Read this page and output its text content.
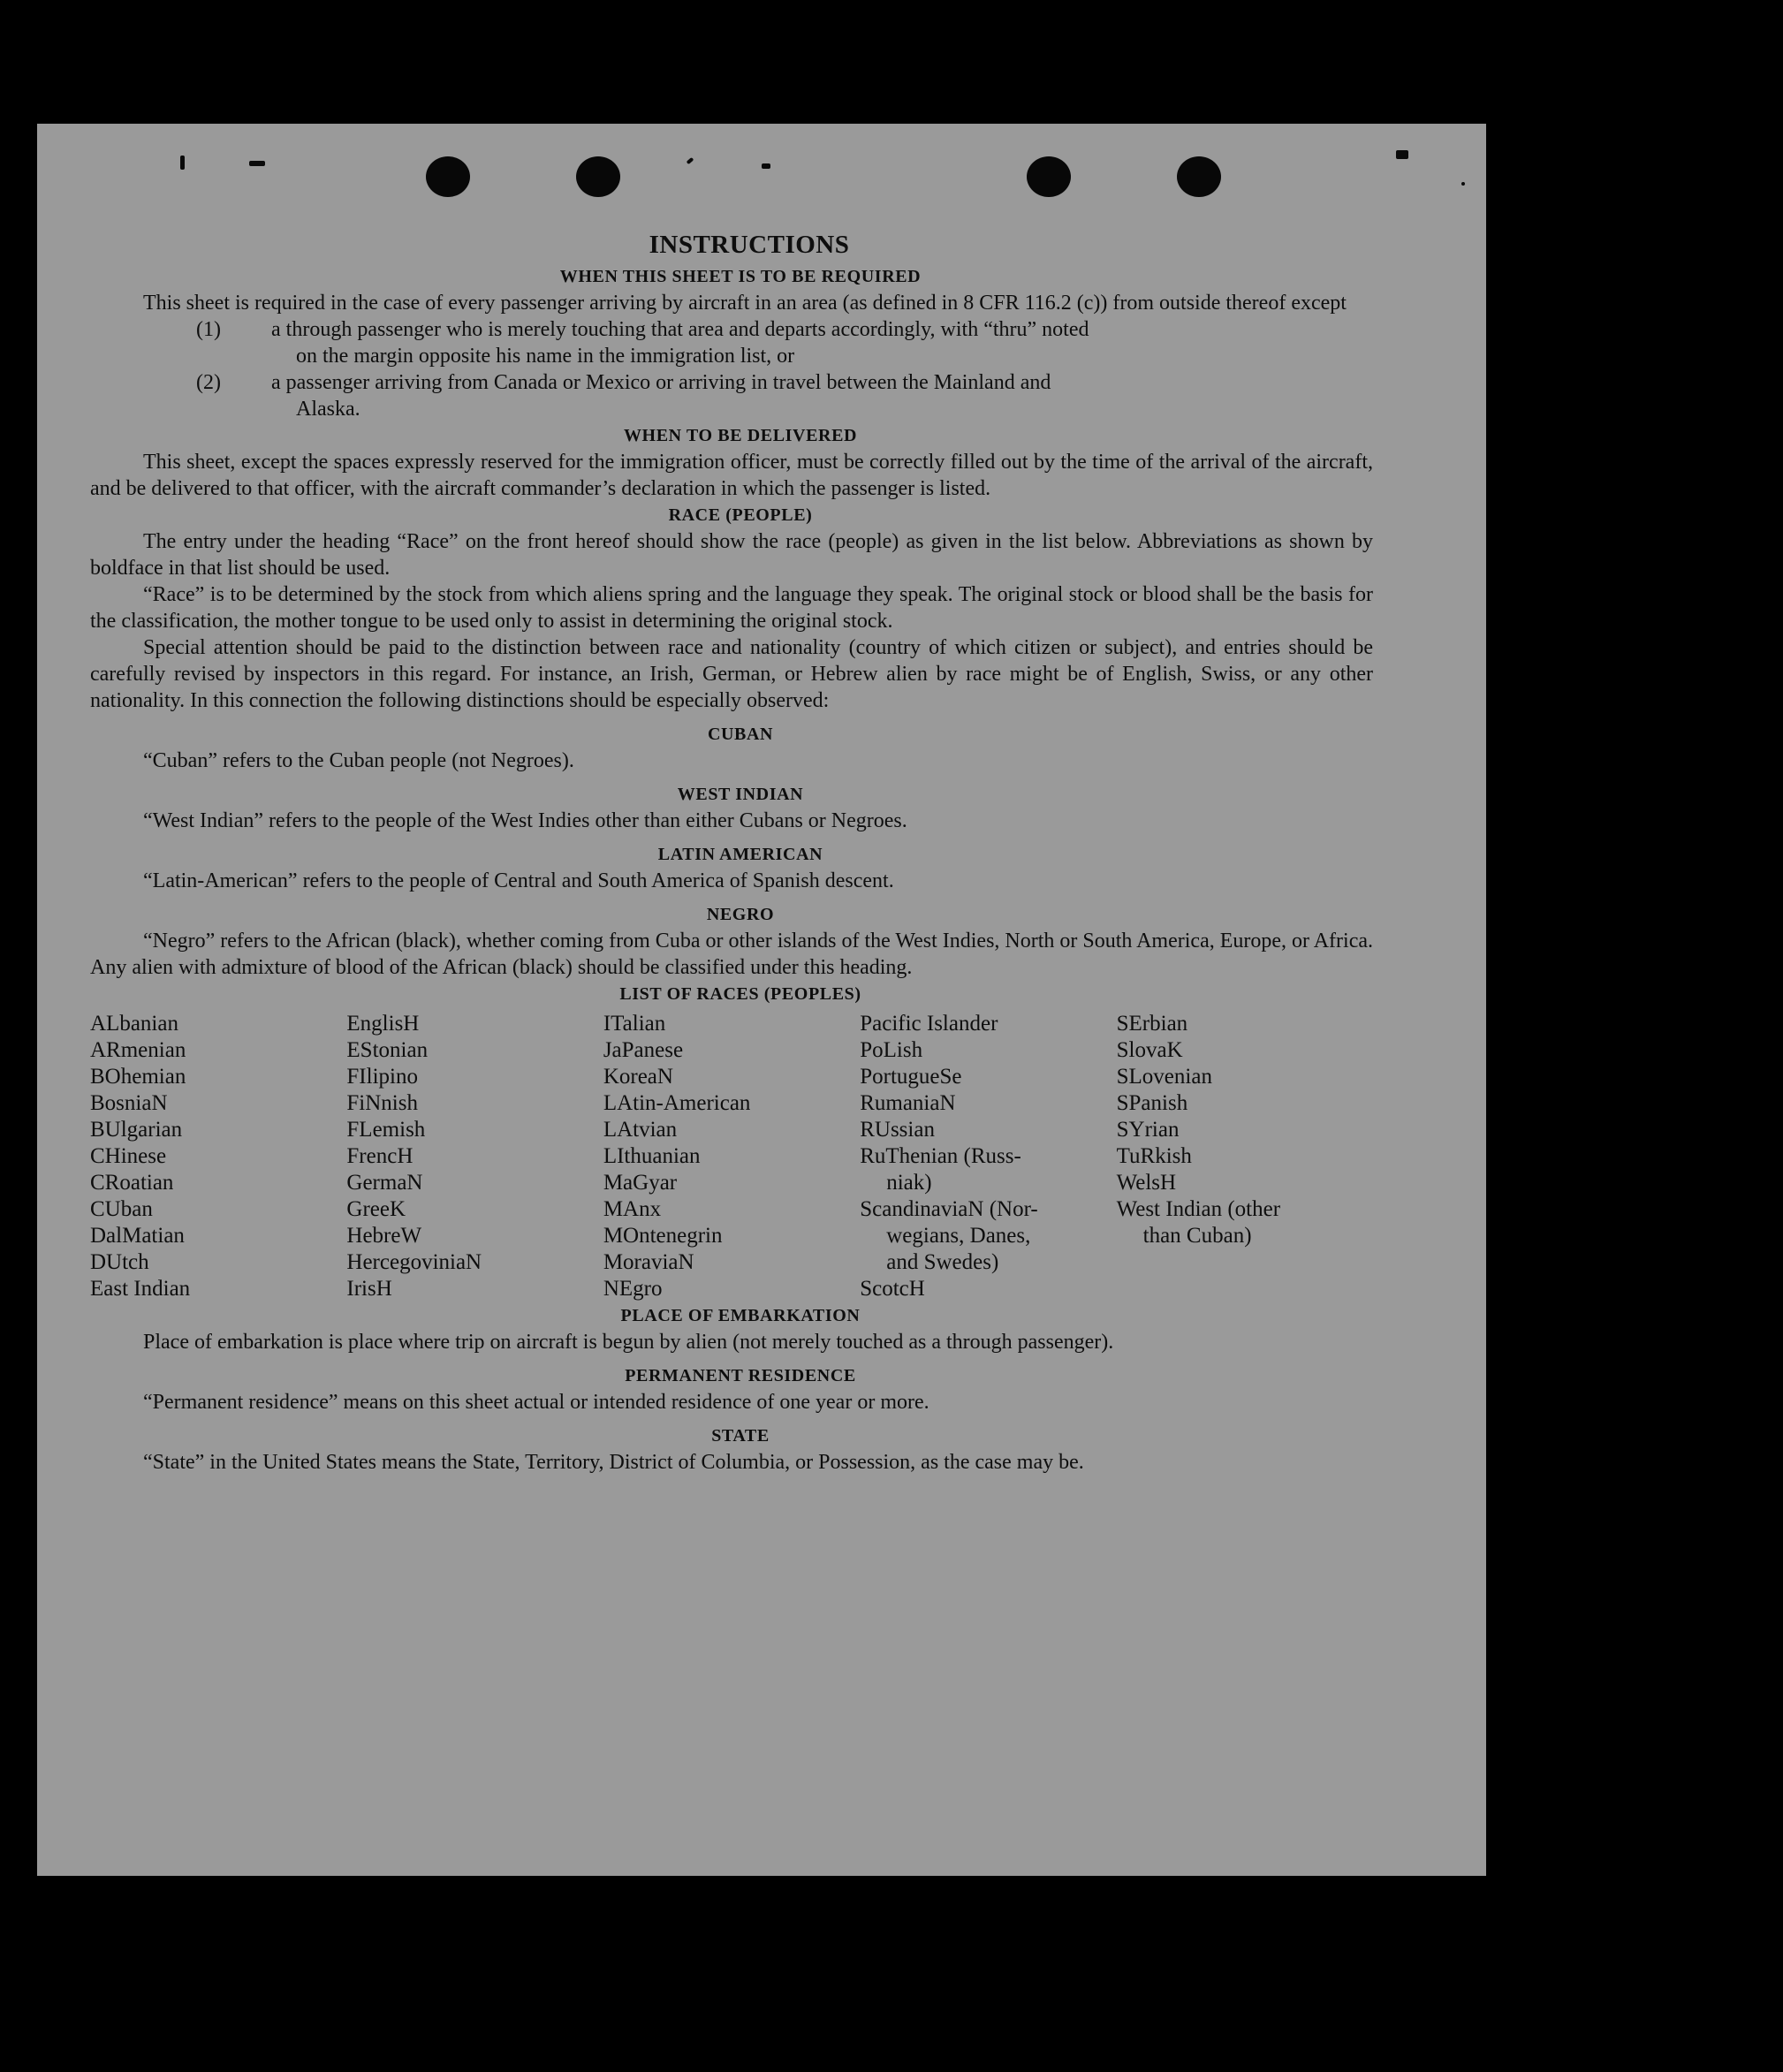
INSTRUCTIONS
WHEN THIS SHEET IS TO BE REQUIRED

This sheet is required in the case of every passenger arriving by aircraft in an area (as defined in 8 CFR 116.2 (c)) from outside thereof except

(1) a through passenger who is merely touching that area and departs accordingly, with “thru” noted
on the margin opposite his name in the immigration list, or
(2) a passenger arriving from Canada or Mexico or arriving in travel between the Mainland and
Alaska.
WHEN TO BE DELIVERED

This sheet, except the spaces expressly reserved for the immigration officer, must be correctly filled out by the time of the arrival of the aircraft, and be delivered to that officer, with the aircraft commander’s declaration in which the passenger is listed.

RACE (PEOPLE)

The entry under the heading “Race” on the front hereof should show the race (people) as given in the list below. Abbreviations as shown by boldface in that list should be used.

“Race” is to be determined by the stock from which aliens spring and the language they speak. The original stock or blood shall be the basis for the classification, the mother tongue to be used only to assist in determining the original stock.

Special attention should be paid to the distinction between race and nationality (country of which citizen or subject), and entries should be carefully revised by inspectors in this regard. For instance, an Irish, German, or Hebrew alien by race might be of English, Swiss, or any other nationality. In this connection the following distinctions should be especially observed:

CUBAN

“Cuban” refers to the Cuban people (not Negroes).

WEST INDIAN

“West Indian” refers to the people of the West Indies other than either Cubans or Negroes.

LATIN AMERICAN

“Latin-American” refers to the people of Central and South America of Spanish descent.

NEGRO

“Negro” refers to the African (black), whether coming from Cuba or other islands of the West Indies, North or South America, Europe, or Africa. Any alien with admixture of blood of the African (black) should be classified under this heading.

LIST OF RACES (PEOPLES)
ALbanian
ARmenian
BOhemian
BosniaN
BUlgarian
CHinese
CRoatian
CUban
DalMatian
DUtch
East Indian
EnglisH
EStonian
FIlipino
FiNnish
FLemish
FrencH
GermaN
GreeK
HebreW
HercegoviniaN
IrisH
ITalian
JaPanese
KoreaN
LAtin-American
LAtvian
LIthuanian
MaGyar
MAnx
MOntenegrin
MoraviaN
NEgro
Pacific Islander
PoLish
PortugueSe
RumaniaN
RUssian
RuThenian (Russ-
niak)
ScandinaviaN (Nor-
wegians, Danes,
and Swedes)
ScotcH
SErbian
SlovaK
SLovenian
SPanish
SYrian
TuRkish
WelsH
West Indian (other
than Cuban)
PLACE OF EMBARKATION

Place of embarkation is place where trip on aircraft is begun by alien (not merely touched as a through passenger).

PERMANENT RESIDENCE

“Permanent residence” means on this sheet actual or intended residence of one year or more.

STATE

“State” in the United States means the State, Territory, District of Columbia, or Possession, as the case may be.
